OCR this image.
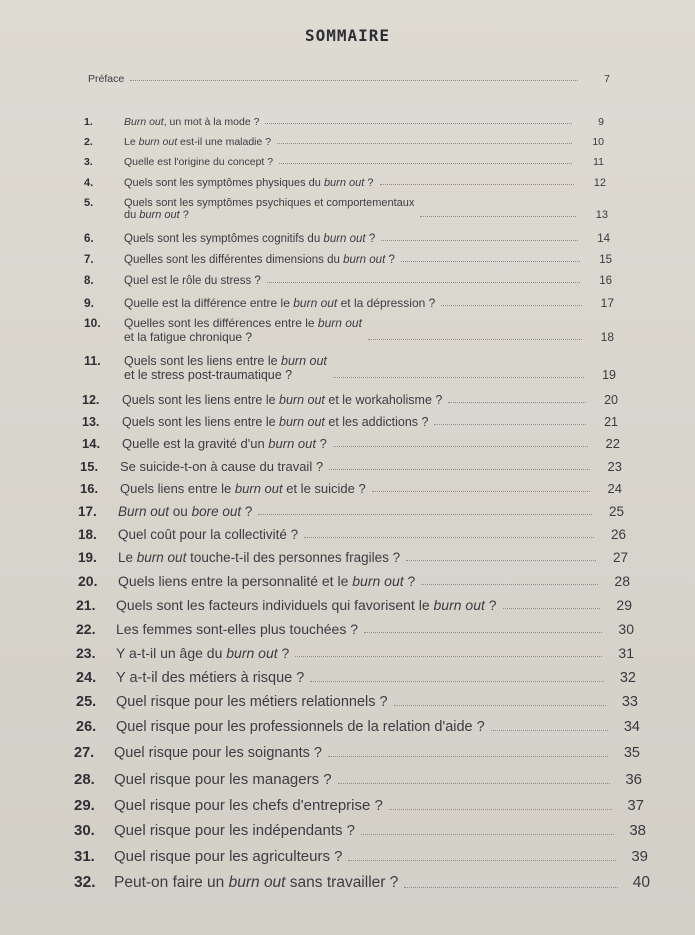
SOMMAIRE
Préface	7
1.	Burn out, un mot à la mode ?	9
2.	Le burn out est-il une maladie ?	10
3.	Quelle est l'origine du concept ?	11
4.	Quels sont les symptômes physiques du burn out ?	12
5.	Quels sont les symptômes psychiques et comportementaux
du burn out ?	13
6.	Quels sont les symptômes cognitifs du burn out ?	14
7.	Quelles sont les différentes dimensions du burn out ?	15
8.	Quel est le rôle du stress ?	16
9.	Quelle est la différence entre le burn out et la dépression ?	17
10.	Quelles sont les différences entre le burn out
et la fatigue chronique ?	18
11.	Quels sont les liens entre le burn out
et le stress post-traumatique ?	19
12.	Quels sont les liens entre le burn out et le workaholisme ?	20
13.	Quels sont les liens entre le burn out et les addictions ?	21
14.	Quelle est la gravité d'un burn out ?	22
15.	Se suicide-t-on à cause du travail ?	23
16.	Quels liens entre le burn out et le suicide ?	24
17.	Burn out ou bore out ?	25
18.	Quel coût pour la collectivité ?	26
19.	Le burn out touche-t-il des personnes fragiles ?	27
20.	Quels liens entre la personnalité et le burn out ?	28
21.	Quels sont les facteurs individuels qui favorisent le burn out ?	29
22.	Les femmes sont-elles plus touchées ?	30
23.	Y a-t-il un âge du burn out ?	31
24.	Y a-t-il des métiers à risque ?	32
25.	Quel risque pour les métiers relationnels ?	33
26.	Quel risque pour les professionnels de la relation d'aide ?	34
27.	Quel risque pour les soignants ?	35
28.	Quel risque pour les managers ?	36
29.	Quel risque pour les chefs d'entreprise ?	37
30.	Quel risque pour les indépendants ?	38
31.	Quel risque pour les agriculteurs ?	39
32.	Peut-on faire un burn out sans travailler ?	40
